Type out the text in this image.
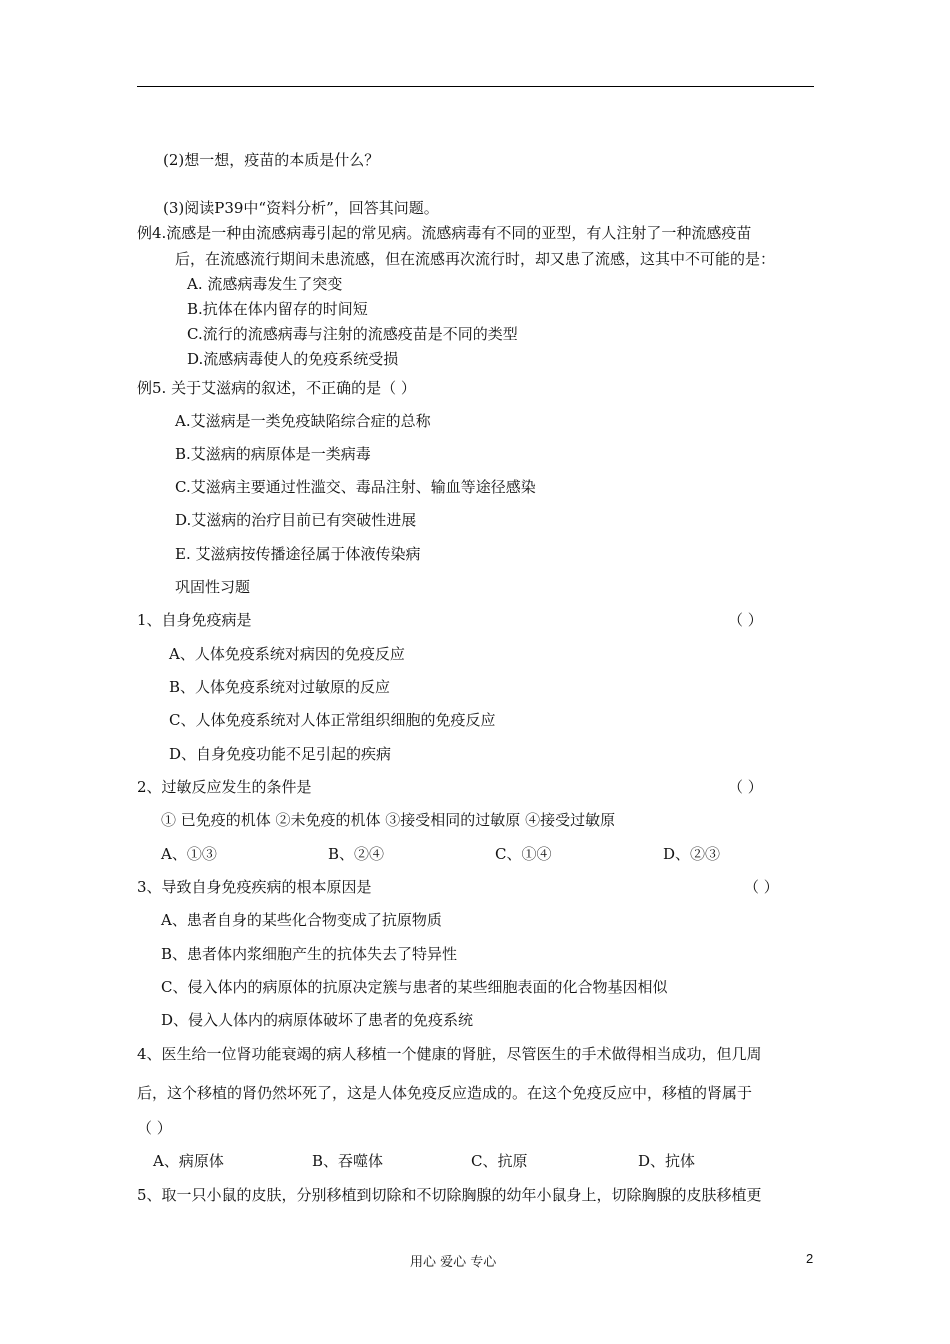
(2)想一想，疫苗的本质是什么？
(3)阅读P39中“资料分析”，回答其问题。
例4.流感是一种由流感病毒引起的常见病。流感病毒有不同的亚型，有人注射了一种流感疫苗
后，在流感流行期间未患流感，但在流感再次流行时，却又患了流感，这其中不可能的是：
A. 流感病毒发生了突变
B.抗体在体内留存的时间短
C.流行的流感病毒与注射的流感疫苗是不同的类型
D.流感病毒使人的免疫系统受损
例5. 关于艾滋病的叙述，不正确的是（ ）
A.艾滋病是一类免疫缺陷综合症的总称
B.艾滋病的病原体是一类病毒
C.艾滋病主要通过性滥交、毒品注射、输血等途径感染
D.艾滋病的治疗目前已有突破性进展
E. 艾滋病按传播途径属于体液传染病
巩固性习题
1、自身免疫病是	（ ）
A、人体免疫系统对病因的免疫反应
B、人体免疫系统对过敏原的反应
C、人体免疫系统对人体正常组织细胞的免疫反应
D、自身免疫功能不足引起的疾病
2、过敏反应发生的条件是	（ ）
① 已免疫的机体 ②未免疫的机体 ③接受相同的过敏原 ④接受过敏原
A、①③	B、②④	C、①④	D、②③
3、导致自身免疫疾病的根本原因是	（ ）
A、患者自身的某些化合物变成了抗原物质
B、患者体内浆细胞产生的抗体失去了特异性
C、侵入体内的病原体的抗原决定簇与患者的某些细胞表面的化合物基因相似
D、侵入人体内的病原体破坏了患者的免疫系统
4、医生给一位肾功能衰竭的病人移植一个健康的肾脏，尽管医生的手术做得相当成功，但几周
后，这个移植的肾仍然坏死了，这是人体免疫反应造成的。在这个免疫反应中，移植的肾属于
（ ）
A、病原体	B、吞噬体	C、抗原	D、抗体
5、取一只小鼠的皮肤，分别移植到切除和不切除胸腺的幼年小鼠身上，切除胸腺的皮肤移植更
用心 爱心 专心	2
